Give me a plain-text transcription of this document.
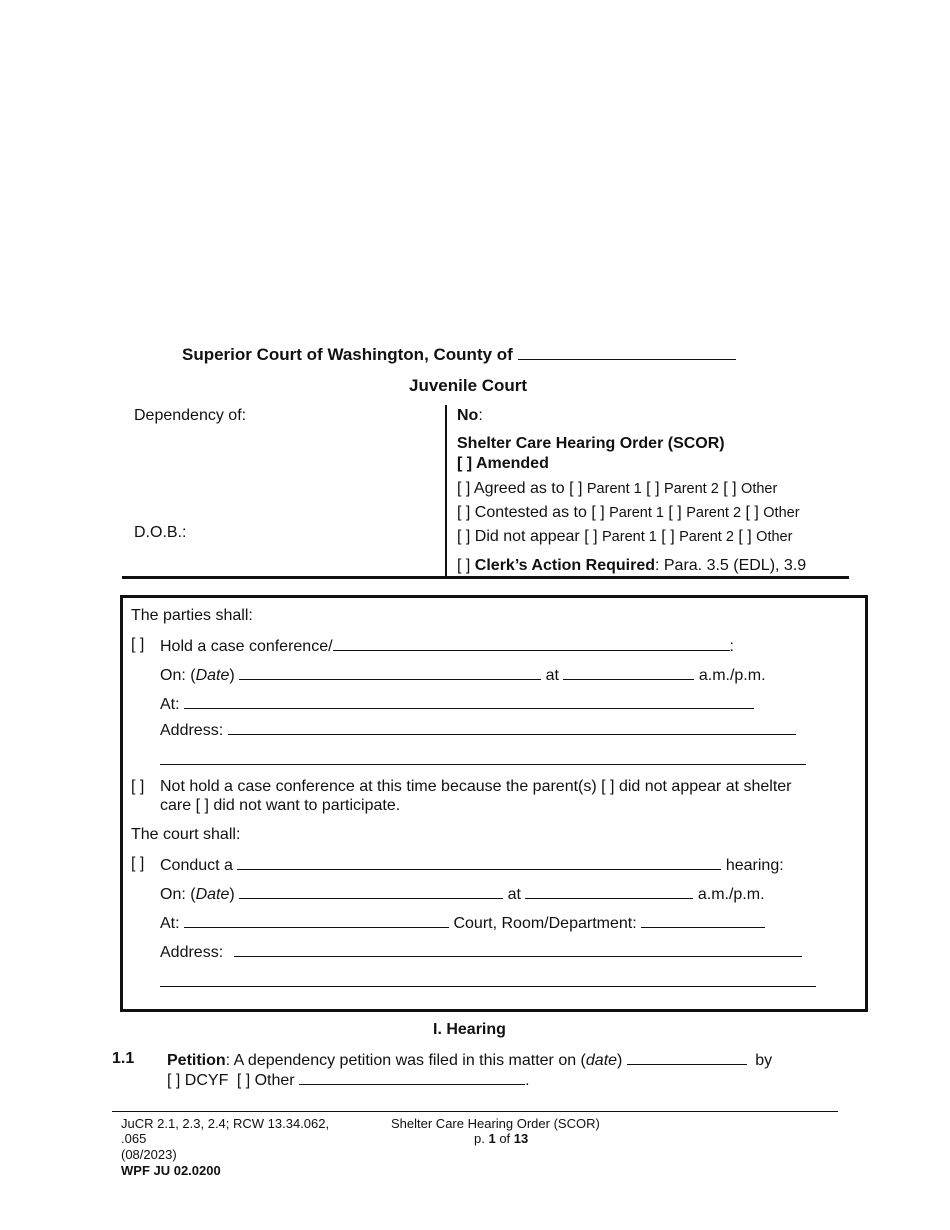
Superior Court of Washington, County of
Juvenile Court
Dependency of:
D.O.B.:
No:
Shelter Care Hearing Order (SCOR)
[ ] Amended
[ ] Agreed as to [ ] Parent 1 [ ] Parent 2 [ ] Other
[ ] Contested as to [ ] Parent 1 [ ] Parent 2 [ ] Other
[ ] Did not appear [ ] Parent 1 [ ] Parent 2 [ ] Other
[ ] Clerk’s Action Required: Para. 3.5 (EDL), 3.9
The parties shall:
[ ] Hold a case conference/	:
On: (Date)	at	a.m./p.m.
At:
Address:
[ ] Not hold a case conference at this time because the parent(s) [ ] did not appear at shelter
care [ ] did not want to participate.
The court shall:
[ ] Conduct a	hearing:
On: (Date)	at	a.m./p.m.
At:	Court, Room/Department:
Address:
I. Hearing
1.1 Petition: A dependency petition was filed in this matter on (date)	by
[ ] DCYF [ ] Other	.
JuCR 2.1, 2.3, 2.4; RCW 13.34.062,
.065
(08/2023)
WPF JU 02.0200
Shelter Care Hearing Order (SCOR)
p. 1 of 13
